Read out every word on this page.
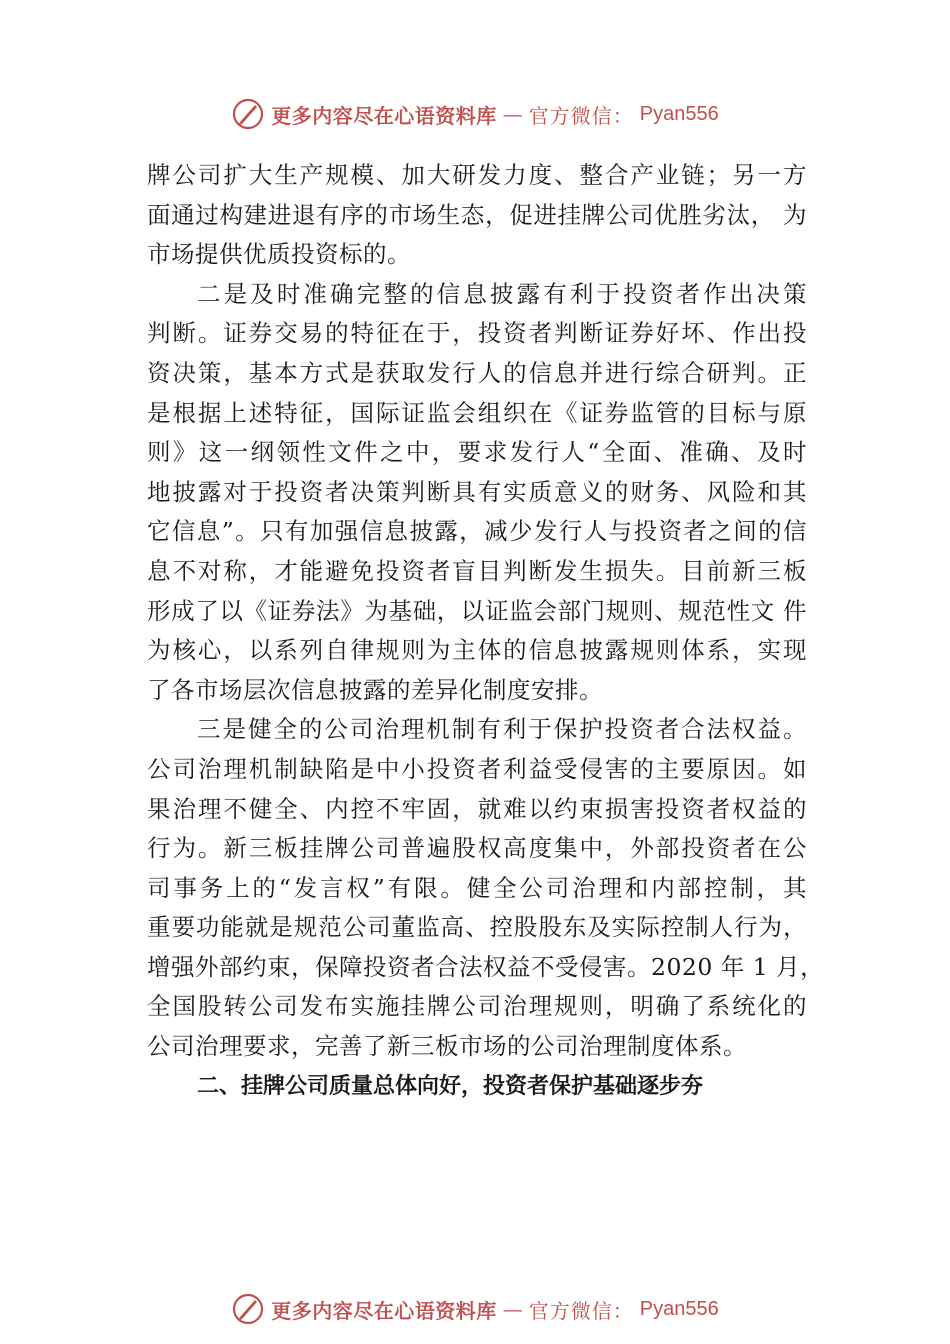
更多内容尽在心语资料库 — 官方微信： Pyan556
牌公司扩大生产规模、加大研发力度、整合产业链；另一方
面通过构建进退有序的市场生态，促进挂牌公司优胜劣汰， 为
市场提供优质投资标的。
二是及时准确完整的信息披露有利于投资者作出决策
判断。证券交易的特征在于，投资者判断证券好坏、作出投
资决策，基本方式是获取发行人的信息并进行综合研判。正
是根据上述特征，国际证监会组织在《证券监管的目标与原
则》这一纲领性文件之中，要求发行人“全面、准确、及时
地披露对于投资者决策判断具有实质意义的财务、风险和其
它信息”。只有加强信息披露，减少发行人与投资者之间的信
息不对称，才能避免投资者盲目判断发生损失。目前新三板
形成了以《证券法》为基础，以证监会部门规则、规范性文 件
为核心，以系列自律规则为主体的信息披露规则体系，实现
了各市场层次信息披露的差异化制度安排。
三是健全的公司治理机制有利于保护投资者合法权益。
公司治理机制缺陷是中小投资者利益受侵害的主要原因。如
果治理不健全、内控不牢固，就难以约束损害投资者权益的
行为。新三板挂牌公司普遍股权高度集中，外部投资者在公
司事务上的“发言权”有限。健全公司治理和内部控制，其
重要功能就是规范公司董监高、控股股东及实际控制人行为，
增强外部约束，保障投资者合法权益不受侵害。2020 年 1 月，
全国股转公司发布实施挂牌公司治理规则，明确了系统化的
公司治理要求，完善了新三板市场的公司治理制度体系。
二、挂牌公司质量总体向好，投资者保护基础逐步夯
更多内容尽在心语资料库 — 官方微信： Pyan556
